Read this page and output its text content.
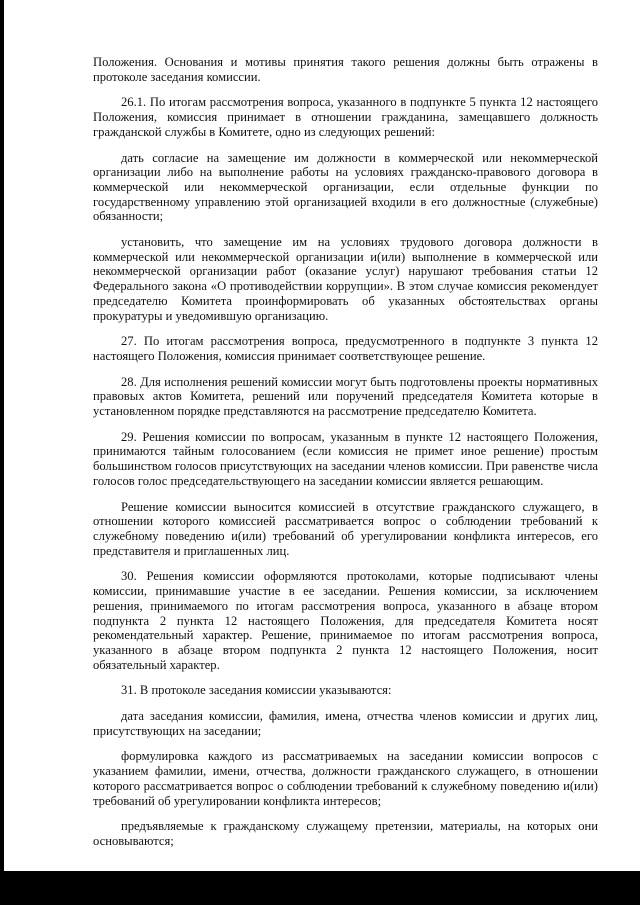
Положения. Основания и мотивы принятия такого решения должны быть отражены в протоколе заседания комиссии.

26.1. По итогам рассмотрения вопроса, указанного в подпункте 5 пункта 12 настоящего Положения, комиссия принимает в отношении гражданина, замещавшего должность гражданской службы в Комитете, одно из следующих решений:

дать согласие на замещение им должности в коммерческой или некоммерческой организации либо на выполнение работы на условиях гражданско-правового договора в коммерческой или некоммерческой организации, если отдельные функции по государственному управлению этой организацией входили в его должностные (служебные) обязанности;

установить, что замещение им на условиях трудового договора должности в коммерческой или некоммерческой организации и(или) выполнение в коммерческой или некоммерческой организации работ (оказание услуг) нарушают требования статьи 12 Федерального закона «О противодействии коррупции». В этом случае комиссия рекомендует председателю Комитета проинформировать об указанных обстоятельствах органы прокуратуры и уведомившую организацию.

27. По итогам рассмотрения вопроса, предусмотренного в подпункте 3 пункта 12 настоящего Положения, комиссия принимает соответствующее решение.

28. Для исполнения решений комиссии могут быть подготовлены проекты нормативных правовых актов Комитета, решений или поручений председателя Комитета которые в установленном порядке представляются на рассмотрение председателю Комитета.

29. Решения комиссии по вопросам, указанным в пункте 12 настоящего Положения, принимаются тайным голосованием (если комиссия не примет иное решение) простым большинством голосов присутствующих на заседании членов комиссии. При равенстве числа голосов голос председательствующего на заседании комиссии является решающим.

Решение комиссии выносится комиссией в отсутствие гражданского служащего, в отношении которого комиссией рассматривается вопрос о соблюдении требований к служебному поведению и(или) требований об урегулировании конфликта интересов, его представителя и приглашенных лиц.

30. Решения комиссии оформляются протоколами, которые подписывают члены комиссии, принимавшие участие в ее заседании. Решения комиссии, за исключением решения, принимаемого по итогам рассмотрения вопроса, указанного в абзаце втором подпункта 2 пункта 12 настоящего Положения, для председателя Комитета носят рекомендательный характер. Решение, принимаемое по итогам рассмотрения вопроса, указанного в абзаце втором подпункта 2 пункта 12 настоящего Положения, носит обязательный характер.

31. В протоколе заседания комиссии указываются:

дата заседания комиссии, фамилия, имена, отчества членов комиссии и других лиц, присутствующих на заседании;

формулировка каждого из рассматриваемых на заседании комиссии вопросов с указанием фамилии, имени, отчества, должности гражданского служащего, в отношении которого рассматривается вопрос о соблюдении требований к служебному поведению и(или) требований об урегулировании конфликта интересов;

предъявляемые к гражданскому служащему претензии, материалы, на которых они основываются;
